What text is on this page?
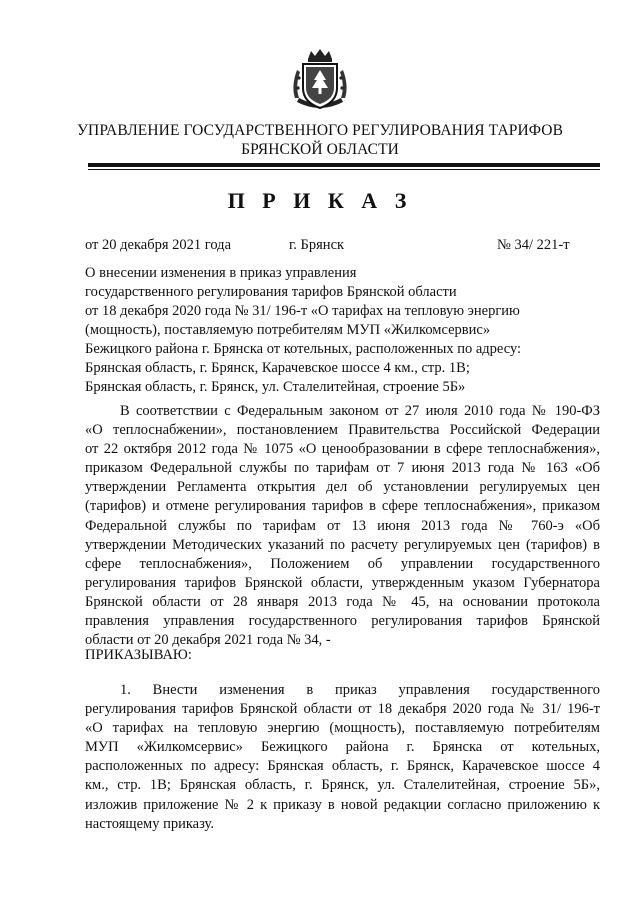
УПРАВЛЕНИЕ ГОСУДАРСТВЕННОГО РЕГУЛИРОВАНИЯ ТАРИФОВ
БРЯНСКОЙ ОБЛАСТИ
П Р И К А З
от 20 декабря 2021 года	г. Брянск	№ 34/ 221-т
О внесении изменения в приказ управления
государственного регулирования тарифов Брянской области
от 18 декабря 2020 года № 31/ 196-т «О тарифах на тепловую энергию
(мощность), поставляемую потребителям МУП «Жилкомсервис»
Бежицкого района г. Брянска от котельных, расположенных по адресу:
Брянская область, г. Брянск, Карачевское шоссе 4 км., стр. 1В;
Брянская область, г. Брянск, ул. Сталелитейная, строение 5Б»
В соответствии с Федеральным законом от 27 июля 2010 года № 190-ФЗ
«О теплоснабжении», постановлением Правительства Российской Федерации
от 22 октября 2012 года № 1075 «О ценообразовании в сфере теплоснабжения»,
приказом Федеральной службы по тарифам от 7 июня 2013 года № 163 «Об
утверждении Регламента открытия дел об установлении регулируемых цен
(тарифов) и отмене регулирования тарифов в сфере теплоснабжения», приказом
Федеральной службы по тарифам от 13 июня 2013 года № 760-э «Об
утверждении Методических указаний по расчету регулируемых цен (тарифов) в
сфере теплоснабжения», Положением об управлении государственного
регулирования тарифов Брянской области, утвержденным указом Губернатора
Брянской области от 28 января 2013 года № 45, на основании протокола
правления управления государственного регулирования тарифов Брянской
области от 20 декабря 2021 года № 34, -
ПРИКАЗЫВАЮ:
1. Внести изменения в приказ управления государственного
регулирования тарифов Брянской области от 18 декабря 2020 года № 31/ 196-т
«О тарифах на тепловую энергию (мощность), поставляемую потребителям
МУП «Жилкомсервис» Бежицкого района г. Брянска от котельных,
расположенных по адресу: Брянская область, г. Брянск, Карачевское шоссе 4
км., стр. 1В; Брянская область, г. Брянск, ул. Сталелитейная, строение 5Б»,
изложив приложение № 2 к приказу в новой редакции согласно приложению к
настоящему приказу.
